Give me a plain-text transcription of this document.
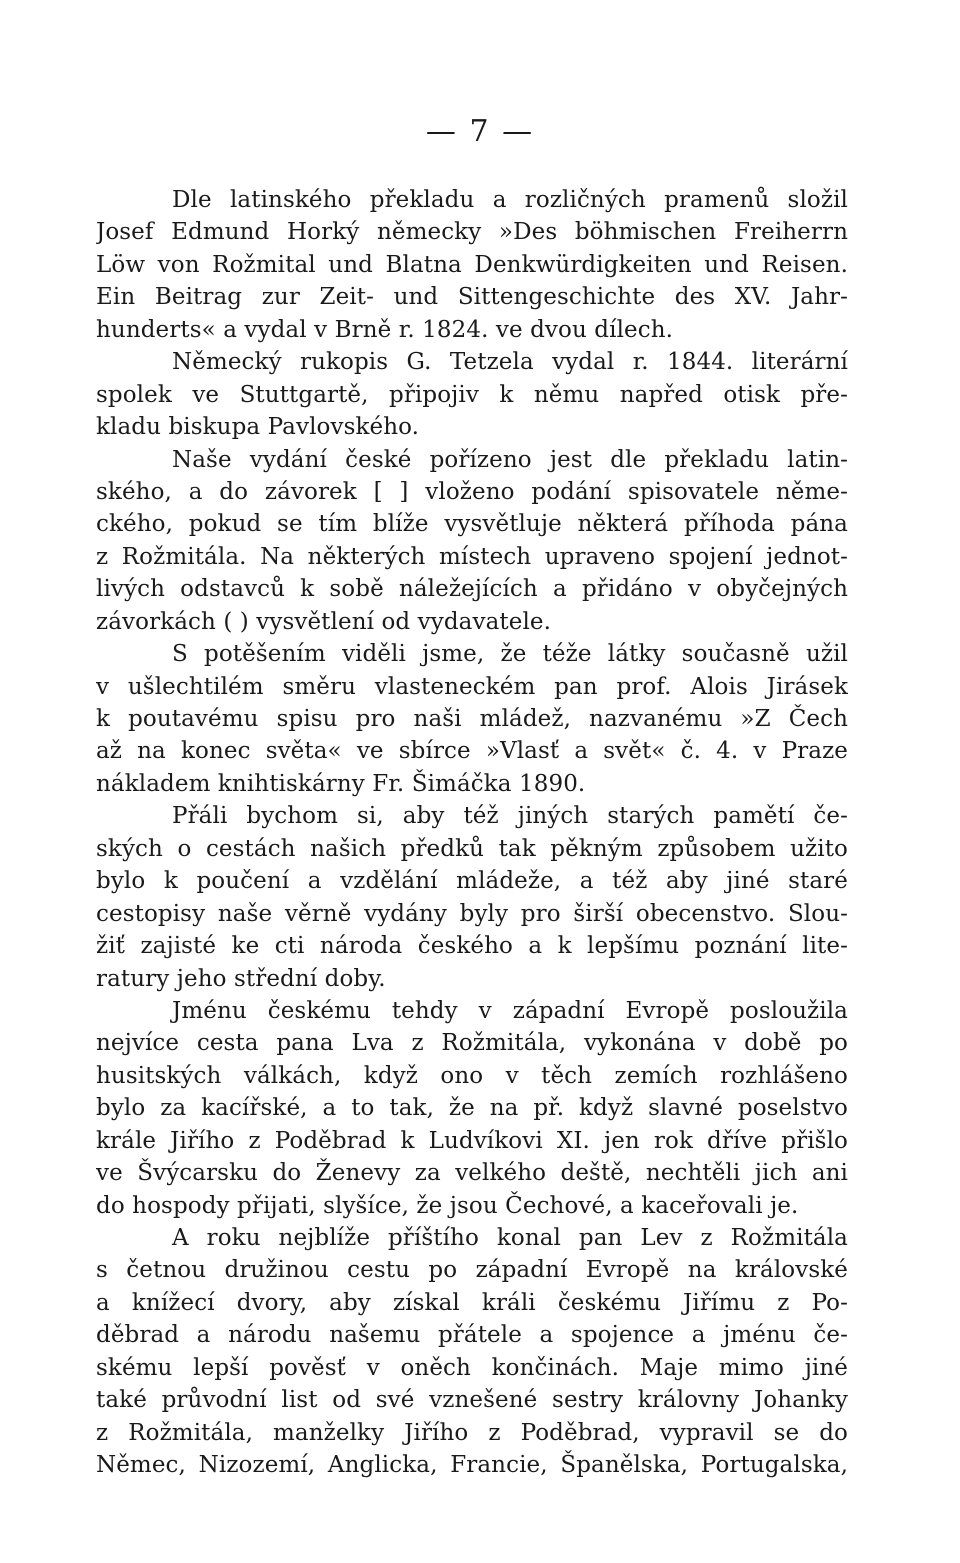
— 7 —
Dle latinského překladu a rozličných pramenů složil
Josef Edmund Horký německy »Des böhmischen Freiherrn
Löw von Rožmital und Blatna Denkwürdigkeiten und Reisen.
Ein Beitrag zur Zeit- und Sittengeschichte des XV. Jahr-
hunderts« a vydal v Brně r. 1824. ve dvou dílech.
Německý rukopis G. Tetzela vydal r. 1844. literární
spolek ve Stuttgartě, připojiv k němu napřed otisk pře-
kladu biskupa Pavlovského.
Naše vydání české pořízeno jest dle překladu latin-
ského, a do závorek [ ] vloženo podání spisovatele něme-
ckého, pokud se tím blíže vysvětluje některá příhoda pána
z Rožmitála. Na některých místech upraveno spojení jednot-
livých odstavců k sobě náležejících a přidáno v obyčejných
závorkách ( ) vysvětlení od vydavatele.
S potěšením viděli jsme, že téže látky současně užil
v ušlechtilém směru vlasteneckém pan prof. Alois Jirásek
k poutavému spisu pro naši mládež, nazvanému »Z Čech
až na konec světa« ve sbírce »Vlasť a svět« č. 4. v Praze
nákladem knihtiskárny Fr. Šimáčka 1890.
Přáli bychom si, aby též jiných starých pamětí če-
ských o cestách našich předků tak pěkným způsobem užito
bylo k poučení a vzdělání mládeže, a též aby jiné staré
cestopisy naše věrně vydány byly pro širší obecenstvo. Slou-
žiť zajisté ke cti národa českého a k lepšímu poznání lite-
ratury jeho střední doby.
Jménu českému tehdy v západní Evropě posloužila
nejvíce cesta pana Lva z Rožmitála, vykonána v době po
husitských válkách, když ono v těch zemích rozhlášeno
bylo za kacířské, a to tak, že na př. když slavné poselstvo
krále Jiřího z Poděbrad k Ludvíkovi XI. jen rok dříve přišlo
ve Švýcarsku do Ženevy za velkého deště, nechtěli jich ani
do hospody přijati, slyšíce, že jsou Čechové, a kaceřovali je.
A roku nejblíže příštího konal pan Lev z Rožmitála
s četnou družinou cestu po západní Evropě na královské
a knížecí dvory, aby získal králi českému Jiřímu z Po-
děbrad a národu našemu přátele a spojence a jménu če-
skému lepší pověsť v oněch končinách. Maje mimo jiné
také průvodní list od své vznešené sestry královny Johanky
z Rožmitála, manželky Jiřího z Poděbrad, vypravil se do
Němec, Nizozemí, Anglicka, Francie, Španělska, Portugalska,
